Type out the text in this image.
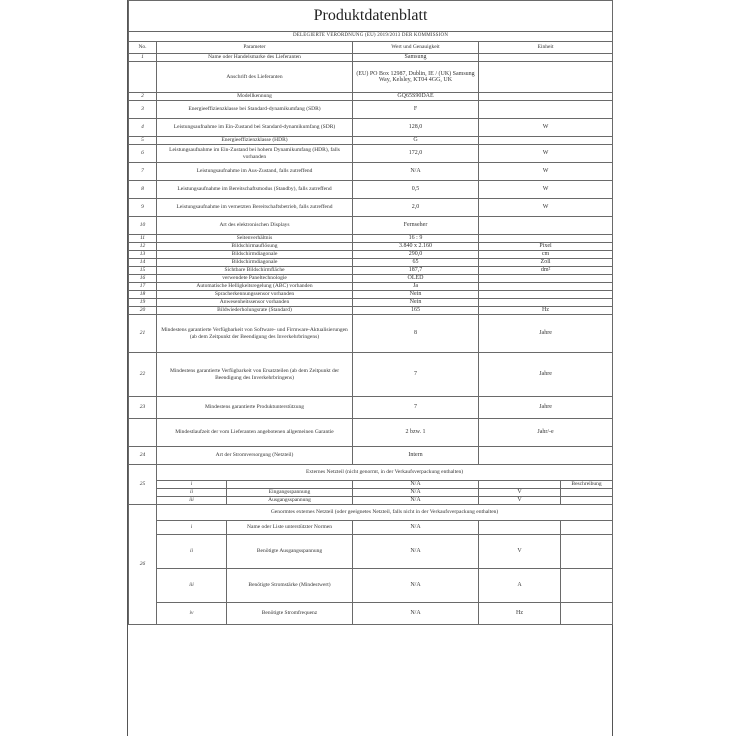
Produktdatenblatt					
DELEGIERTE VERORDNUNG (EU) 2019/2013 DER KOMMISSION					
No.	Parameter		Wert und Genauigkeit	Einheit	
1	Name oder Handelsmarke des Lieferanten		Samsung		
	Anschrift des Lieferanten		(EU) PO Box 12987, Dublin, IE / (UK) Samsung Way, Kelsley, KT04 4GG, UK		
2	Modellkennung		GQ65S90DAE		
3	Energieeffizienzklasse bei Standard-dynamikumfang (SDR)		F		
4	Leistungsaufnahme im Ein-Zustand bei Standard-dynamikumfang (SDR)		128,0	W	
5	Energieeffizienzklasse (HDR)		G		
6	Leistungsaufnahme im Ein-Zustand bei hohem Dynamikumfang (HDR), falls vorhanden		172,0	W	
7	Leistungsaufnahme im Aus-Zustand, falls zutreffend		N/A	W	
8	Leistungsaufnahme im Bereitschaftsmodus (Standby), falls zutreffend		0,5	W	
9	Leistungsaufnahme im vernetzten Bereitschaftsbetrieb, falls zutreffend		2,0	W	
10	Art des elektronischen Displays		Fernseher		
11	Seitenverhältnis		16 : 9		
12	Bildschirmauflösung		3.840 x 2.160	Pixel	
13	Bildschirmdiagonale		290,0	cm	
14	Bildschirmdiagonale		65	Zoll	
15	Sichtbare Bildschirmfläche		187,7	dm²	
16	verwendete Paneltechnologie		OLED		
17	Automatische Helligkeitsregelung (ABC) vorhanden		Ja		
18	Spracherkennungssensor vorhanden		Nein		
19	Anwesenheitssensor vorhanden		Nein		
20	Bildwiederholungsrate (Standard)		165	Hz	
21	Mindestens garantierte Verfügbarkeit von Software- und Firmware-Aktualisierungen (ab dem Zeitpunkt der Beendigung des Inverkehrbringens)		8	Jahre	
22	Mindestens garantierte Verfügbarkeit von Ersatzteilen (ab dem Zeitpunkt der Beendigung des Inverkehrbringens)		7	Jahre	
23	Mindestens garantierte Produktunterstützung		7	Jahre	
	Mindestlaufzeit der vom Lieferanten angebotenen allgemeinen Garantie		2 bzw. 1	Jahr/-e	
24	Art der Stromversorgung (Netzteil)		Intern		
25	Externes Netzteil (nicht genormt, in der Verkaufsverpackung enthalten)				
	i		N/A		Beschreibung
	ii	Eingangsspannung	N/A	V	
	iii	Ausgangsspannung	N/A	V	
26	Genormtes externes Netzteil (oder geeignetes Netzteil, falls nicht in der Verkaufsverpackung enthalten)				
	i	Name oder Liste unterstützter Normen	N/A		
	ii	Benötigte Ausgangsspannung	N/A	V	
	iii	Benötigte Stromstärke (Mindestwert)	N/A	A	
	iv	Benötigte Stromfrequenz	N/A	Hz	
